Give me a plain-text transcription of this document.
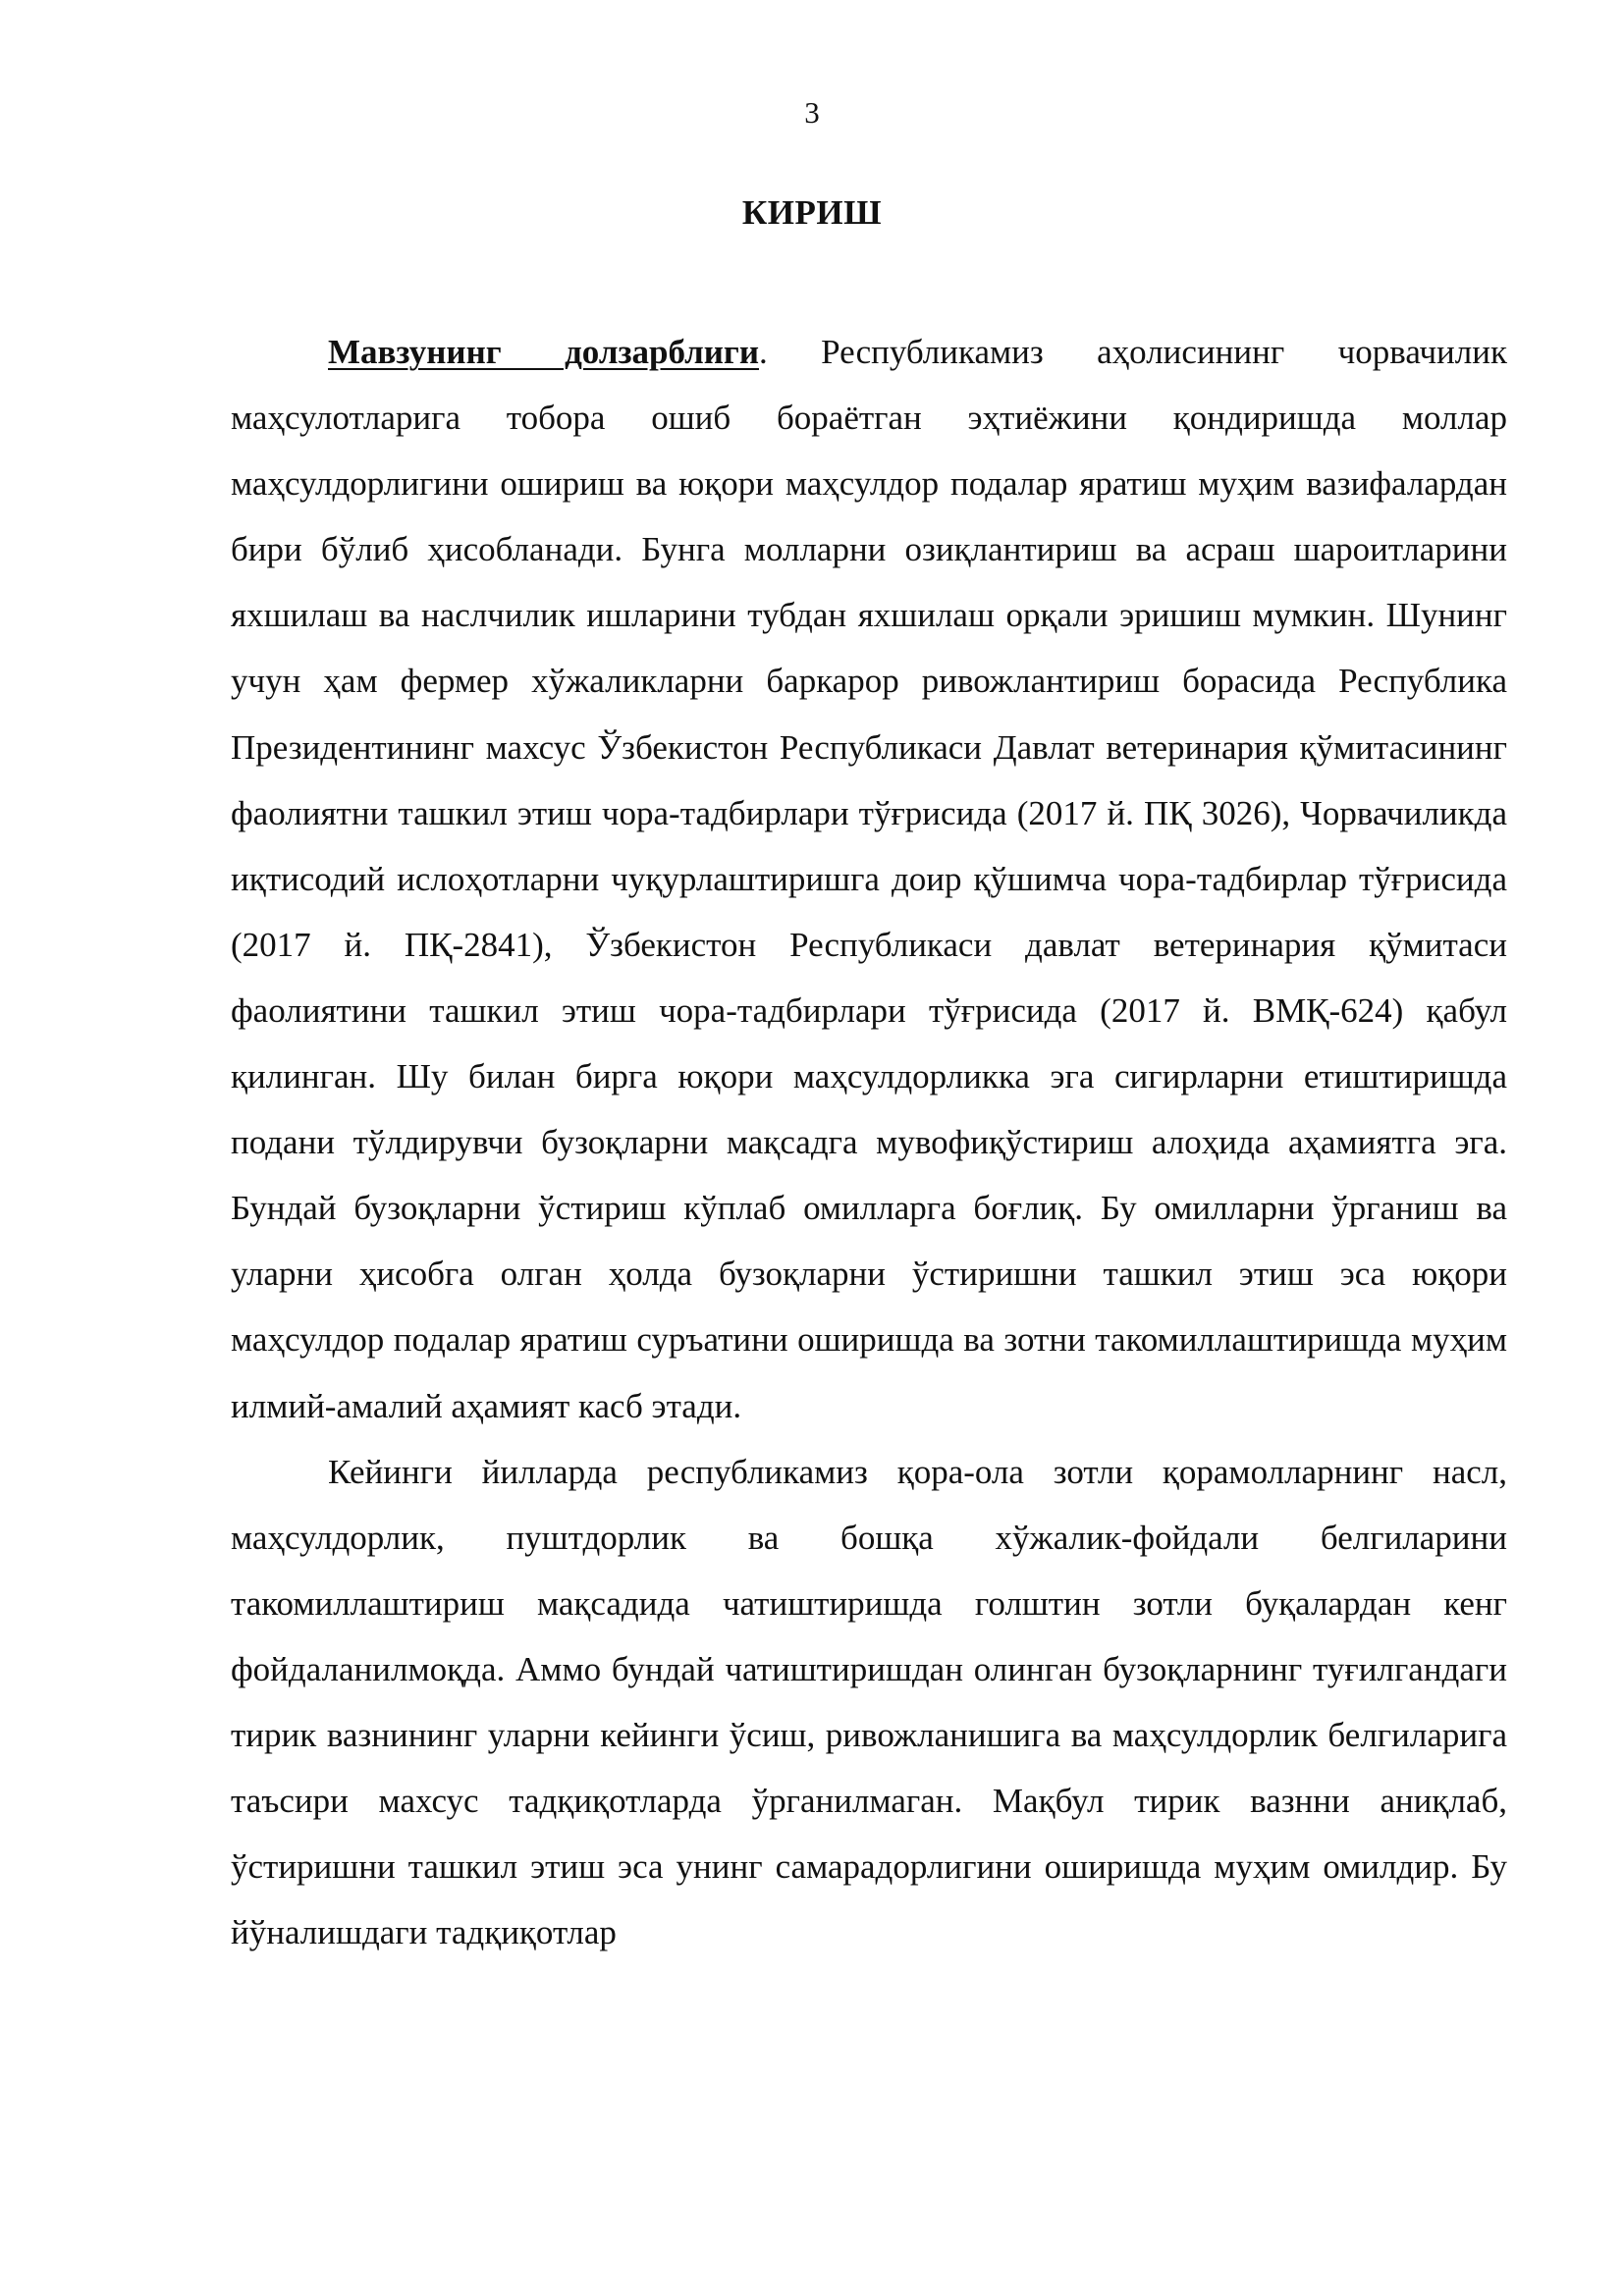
3
КИРИШ

Мавзунинг долзарблиги. Республикамиз аҳолисининг чорвачилик маҳсулотларига тобора ошиб бораётган эҳтиёжини қондиришда моллар маҳсулдорлигини ошириш ва юқори маҳсулдор подалар яратиш муҳим вазифалардан бири бўлиб ҳисобланади. Бунга молларни озиқлантириш ва асраш шароитларини яхшилаш ва наслчилик ишларини тубдан яхшилаш орқали эришиш мумкин. Шунинг учун ҳам фермер хўжаликларни баркарор ривожлантириш борасида Республика Президентининг махсус Ўзбекистон Республикаси Давлат ветеринария қўмитасининг фаолиятни ташкил этиш чора-тадбирлари тўғрисида (2017 й. ПҚ 3026), Чорвачиликда иқтисодий ислоҳотларни чуқурлаштиришга доир қўшимча чора-тадбирлар тўғрисида (2017 й. ПҚ-2841), Ўзбекистон Республикаси давлат ветеринария қўмитаси фаолиятини ташкил этиш чора-тадбирлари тўғрисида (2017 й. ВМҚ-624) қабул қилинган. Шу билан бирга юқори маҳсулдорликка эга сигирларни етиштиришда подани тўлдирувчи бузоқларни мақсадга мувофиқўстириш алоҳида аҳамиятга эга. Бундай бузоқларни ўстириш кўплаб омилларга боғлиқ. Бу омилларни ўрганиш ва уларни ҳисобга олган ҳолда бузоқларни ўстиришни ташкил этиш эса юқори маҳсулдор подалар яратиш суръатини оширишда ва зотни такомиллаштиришда муҳим илмий-амалий аҳамият касб этади.

Кейинги йилларда республикамиз қора-ола зотли қорамолларнинг насл, маҳсулдорлик, пуштдорлик ва бошқа хўжалик-фойдали белгиларини такомиллаштириш мақсадида чатиштиришда голштин зотли буқалардан кенг фойдаланилмоқда. Аммо бундай чатиштиришдан олинган бузоқларнинг туғилгандаги тирик вазнининг уларни кейинги ўсиш, ривожланишига ва маҳсулдорлик белгиларига таъсири махсус тадқиқотларда ўрганилмаган. Мақбул тирик вазнни аниқлаб, ўстиришни ташкил этиш эса унинг самарадорлигини оширишда муҳим омилдир. Бу йўналишдаги тадқиқотлар
